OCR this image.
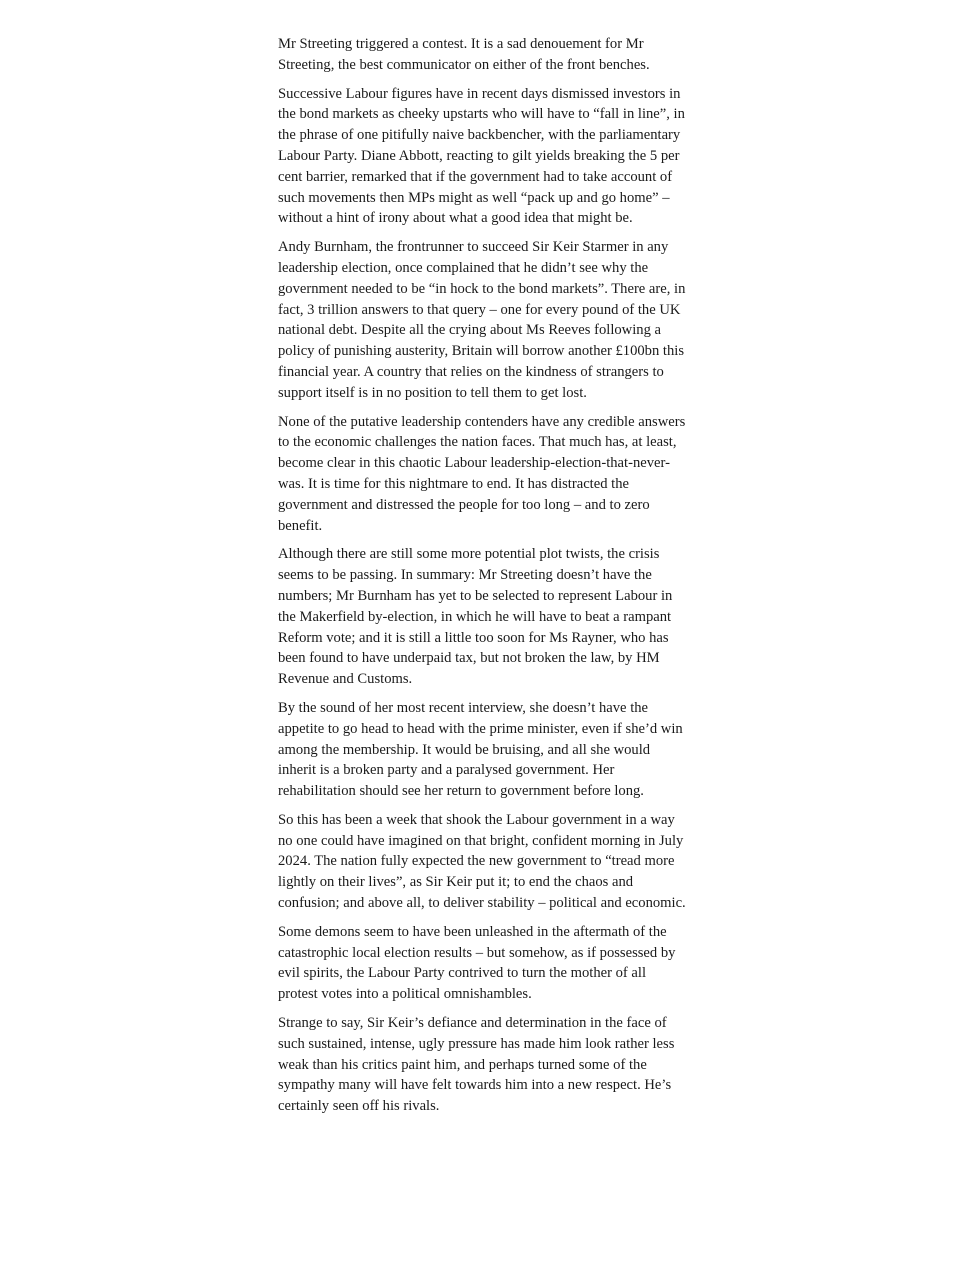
Mr Streeting triggered a contest. It is a sad denouement for Mr Streeting, the best communicator on either of the front benches.

Successive Labour figures have in recent days dismissed investors in the bond markets as cheeky upstarts who will have to “fall in line”, in the phrase of one pitifully naive backbencher, with the parliamentary Labour Party. Diane Abbott, reacting to gilt yields breaking the 5 per cent barrier, remarked that if the government had to take account of such movements then MPs might as well “pack up and go home” – without a hint of irony about what a good idea that might be.

Andy Burnham, the frontrunner to succeed Sir Keir Starmer in any leadership election, once complained that he didn’t see why the government needed to be “in hock to the bond markets”. There are, in fact, 3 trillion answers to that query – one for every pound of the UK national debt. Despite all the crying about Ms Reeves following a policy of punishing austerity, Britain will borrow another £100bn this financial year. A country that relies on the kindness of strangers to support itself is in no position to tell them to get lost.

None of the putative leadership contenders have any credible answers to the economic challenges the nation faces. That much has, at least, become clear in this chaotic Labour leadership-election-that-never-was. It is time for this nightmare to end. It has distracted the government and distressed the people for too long – and to zero benefit.

Although there are still some more potential plot twists, the crisis seems to be passing. In summary: Mr Streeting doesn’t have the numbers; Mr Burnham has yet to be selected to represent Labour in the Makerfield by-election, in which he will have to beat a rampant Reform vote; and it is still a little too soon for Ms Rayner, who has been found to have underpaid tax, but not broken the law, by HM Revenue and Customs.

By the sound of her most recent interview, she doesn’t have the appetite to go head to head with the prime minister, even if she’d win among the membership. It would be bruising, and all she would inherit is a broken party and a paralysed government. Her rehabilitation should see her return to government before long.

So this has been a week that shook the Labour government in a way no one could have imagined on that bright, confident morning in July 2024. The nation fully expected the new government to “tread more lightly on their lives”, as Sir Keir put it; to end the chaos and confusion; and above all, to deliver stability – political and economic.

Some demons seem to have been unleashed in the aftermath of the catastrophic local election results – but somehow, as if possessed by evil spirits, the Labour Party contrived to turn the mother of all protest votes into a political omnishambles.

Strange to say, Sir Keir’s defiance and determination in the face of such sustained, intense, ugly pressure has made him look rather less weak than his critics paint him, and perhaps turned some of the sympathy many will have felt towards him into a new respect. He’s certainly seen off his rivals.
